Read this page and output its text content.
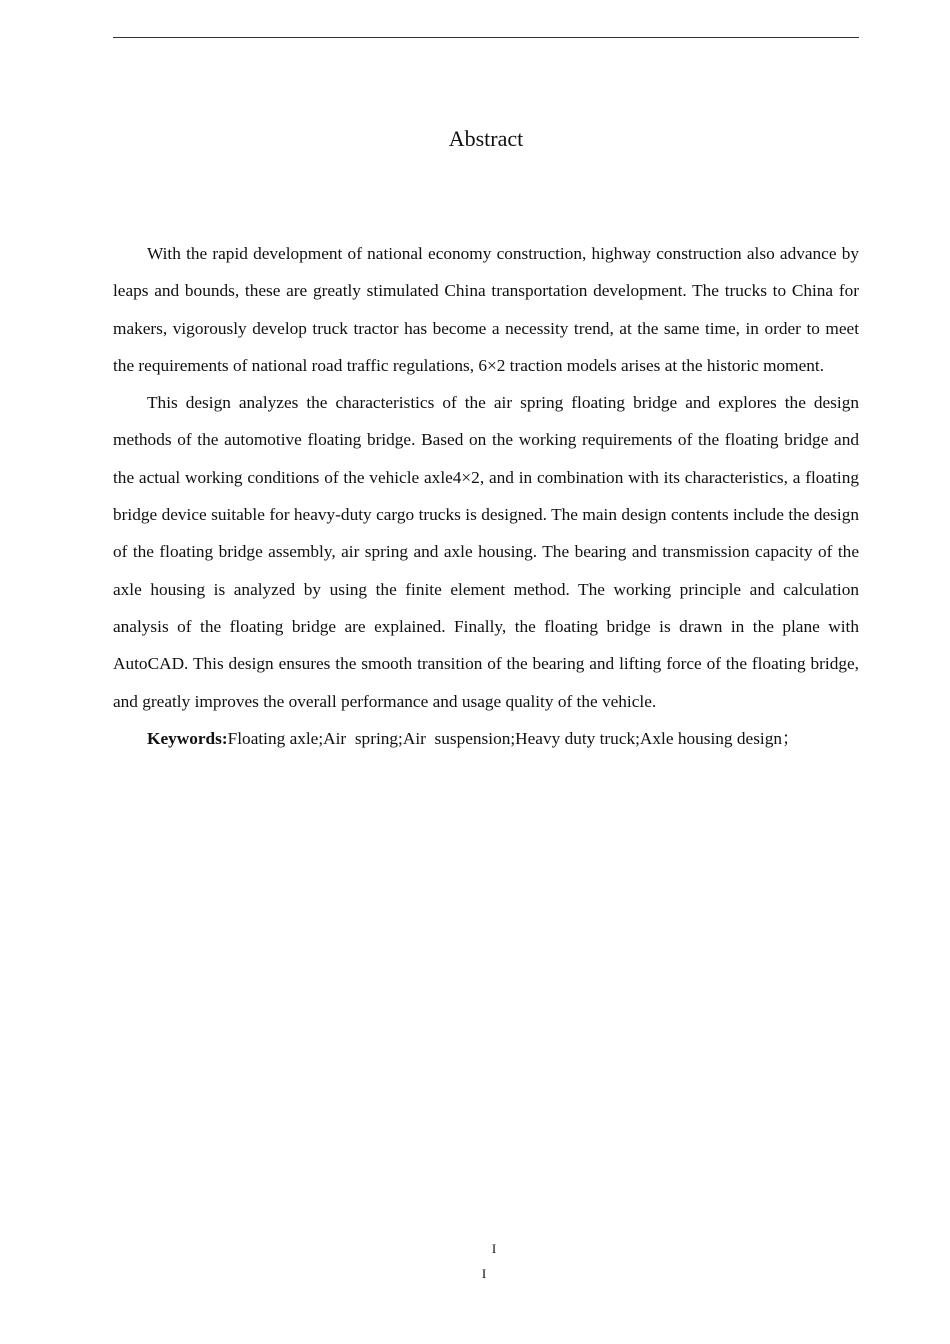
Abstract

With the rapid development of national economy construction, highway construction also advance by leaps and bounds, these are greatly stimulated China transportation development. The trucks to China for makers, vigorously develop truck tractor has become a necessity trend, at the same time, in order to meet the requirements of national road traffic regulations, 6×2 traction models arises at the historic moment.

This design analyzes the characteristics of the air spring floating bridge and explores the design methods of the automotive floating bridge. Based on the working requirements of the floating bridge and the actual working conditions of the vehicle axle4×2, and in combination with its characteristics, a floating bridge device suitable for heavy-duty cargo trucks is designed. The main design contents include the design of the floating bridge assembly, air spring and axle housing. The bearing and transmission capacity of the axle housing is analyzed by using the finite element method. The working principle and calculation analysis of the floating bridge are explained. Finally, the floating bridge is drawn in the plane with AutoCAD. This design ensures the smooth transition of the bearing and lifting force of the floating bridge, and greatly improves the overall performance and usage quality of the vehicle.

Keywords:Floating axle;Air  spring;Air  suspension;Heavy duty truck;Axle housing design；

I
I
